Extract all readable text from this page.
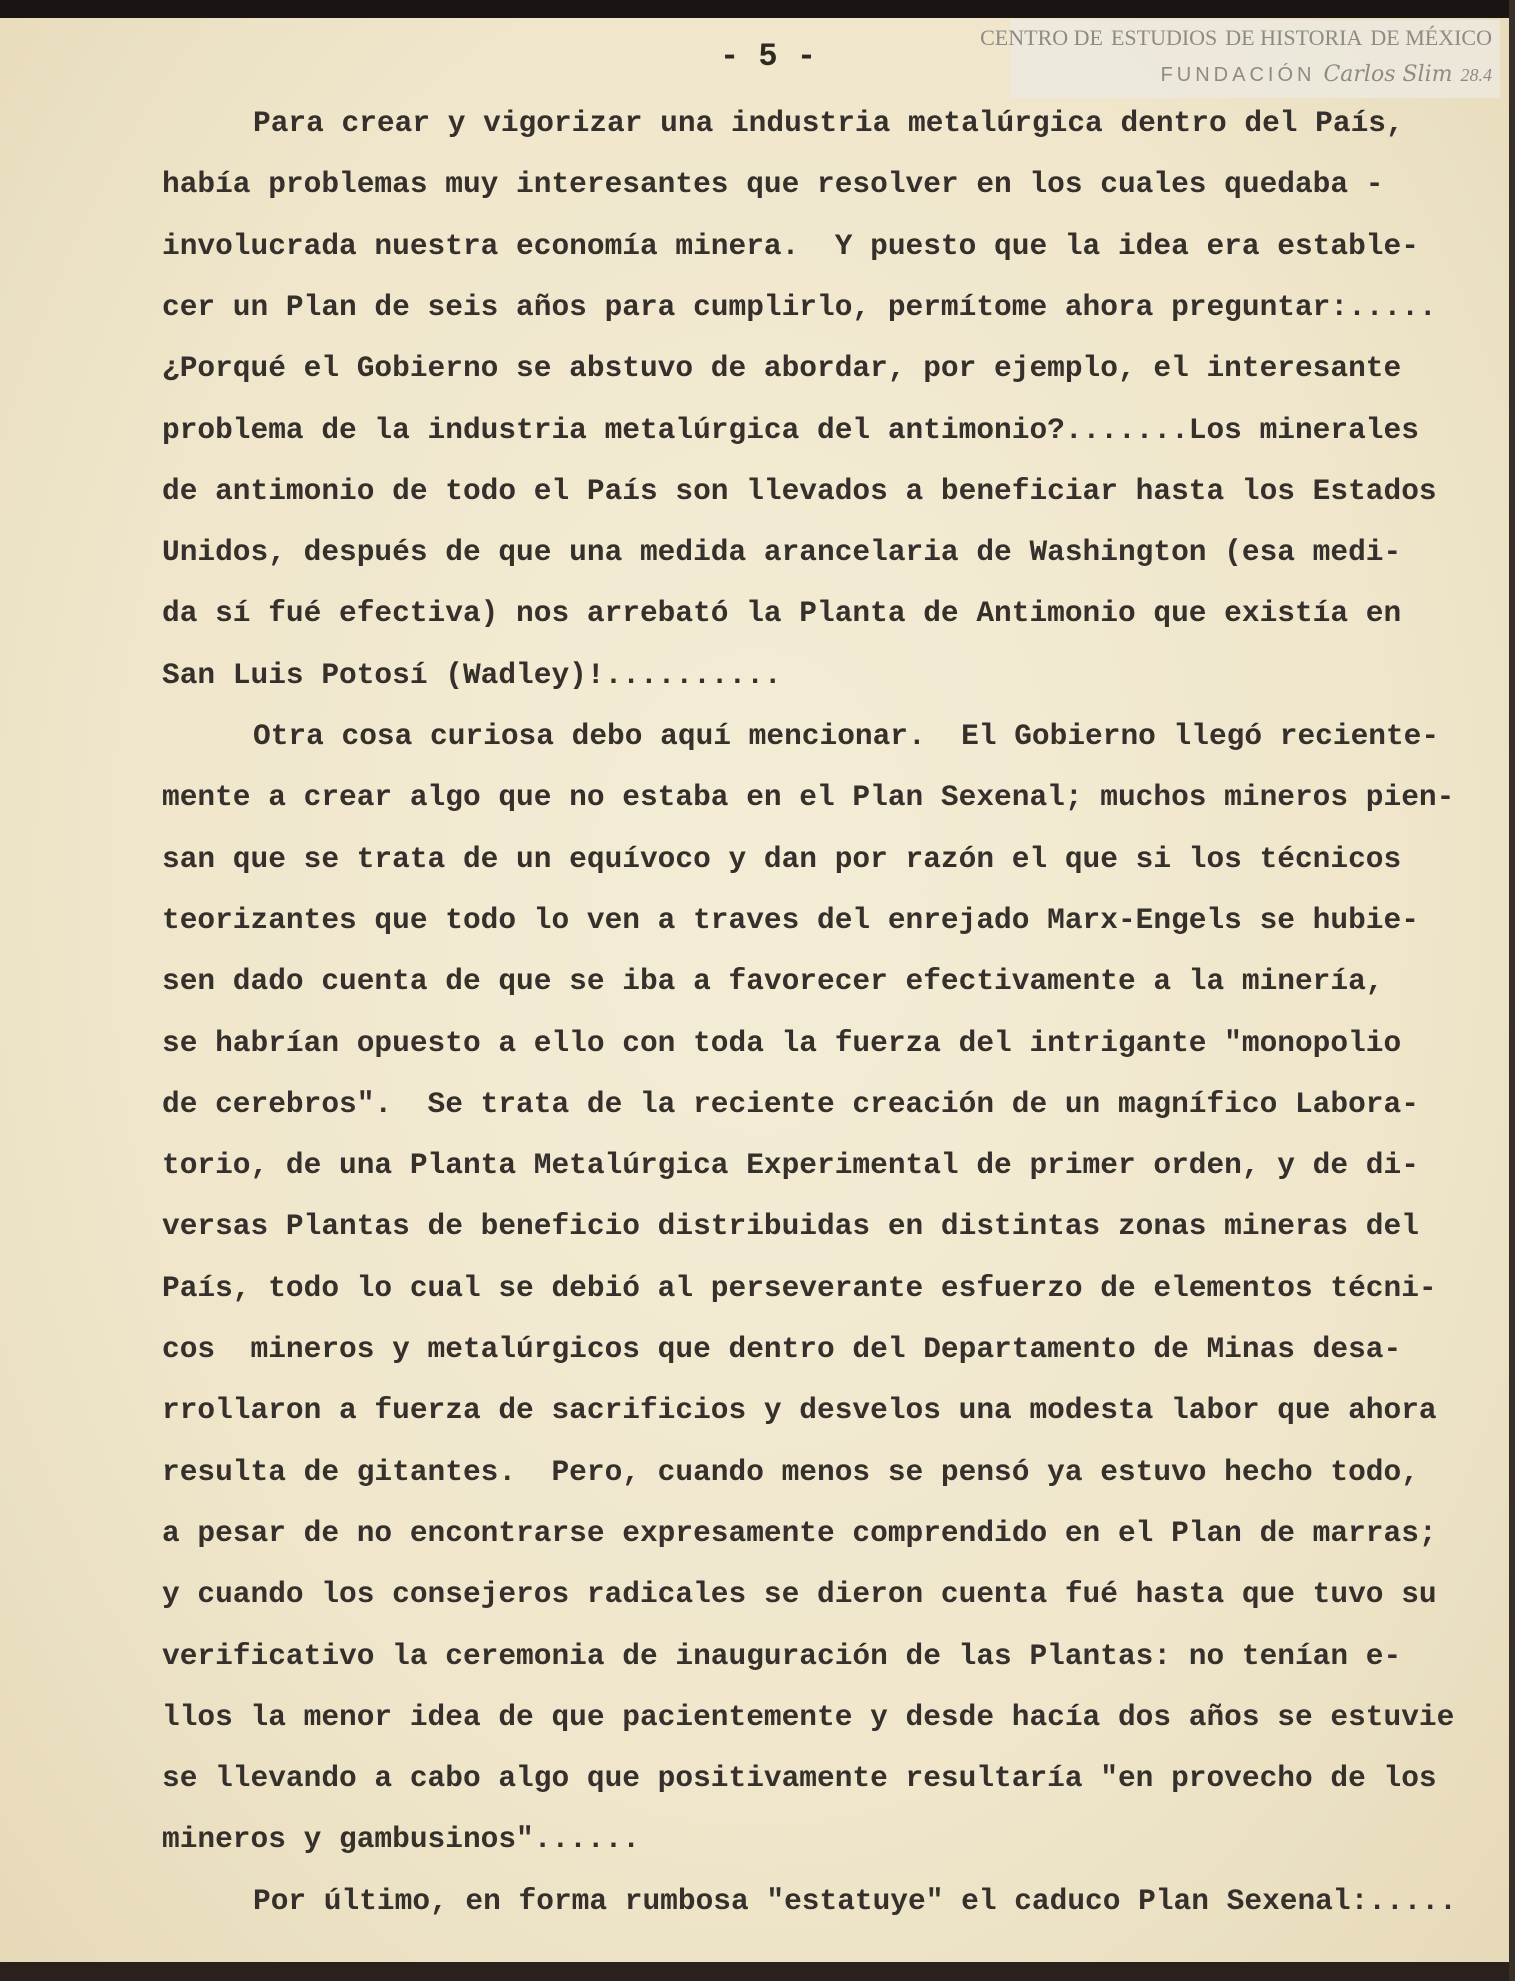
CENTRO DE ESTUDIOS DE HISTORIA DE MÉXICO
FUNDACIÓN Carlos Slim 28.4
- 5 -
Para crear y vigorizar una industria metalúrgica dentro del País,
había problemas muy interesantes que resolver en los cuales quedaba -
involucrada nuestra economía minera.  Y puesto que la idea era estable-
cer un Plan de seis años para cumplirlo, permítome ahora preguntar:.....
¿Porqué el Gobierno se abstuvo de abordar, por ejemplo, el interesante
problema de la industria metalúrgica del antimonio?.......Los minerales
de antimonio de todo el País son llevados a beneficiar hasta los Estados
Unidos, después de que una medida arancelaria de Washington (esa medi-
da sí fué efectiva) nos arrebató la Planta de Antimonio que existía en
San Luis Potosí (Wadley)!..........
Otra cosa curiosa debo aquí mencionar.  El Gobierno llegó reciente-
mente a crear algo que no estaba en el Plan Sexenal; muchos mineros pien-
san que se trata de un equívoco y dan por razón el que si los técnicos
teorizantes que todo lo ven a traves del enrejado Marx-Engels se hubie-
sen dado cuenta de que se iba a favorecer efectivamente a la minería,
se habrían opuesto a ello con toda la fuerza del intrigante "monopolio
de cerebros".  Se trata de la reciente creación de un magnífico Labora-
torio, de una Planta Metalúrgica Experimental de primer orden, y de di-
versas Plantas de beneficio distribuidas en distintas zonas mineras del
País, todo lo cual se debió al perseverante esfuerzo de elementos técni-
cos  mineros y metalúrgicos que dentro del Departamento de Minas desa-
rrollaron a fuerza de sacrificios y desvelos una modesta labor que ahora
resulta de gitantes.  Pero, cuando menos se pensó ya estuvo hecho todo,
a pesar de no encontrarse expresamente comprendido en el Plan de marras;
y cuando los consejeros radicales se dieron cuenta fué hasta que tuvo su
verificativo la ceremonia de inauguración de las Plantas: no tenían e-
llos la menor idea de que pacientemente y desde hacía dos años se estuvie
se llevando a cabo algo que positivamente resultaría "en provecho de los
mineros y gambusinos"......
Por último, en forma rumbosa "estatuye" el caduco Plan Sexenal:.....
